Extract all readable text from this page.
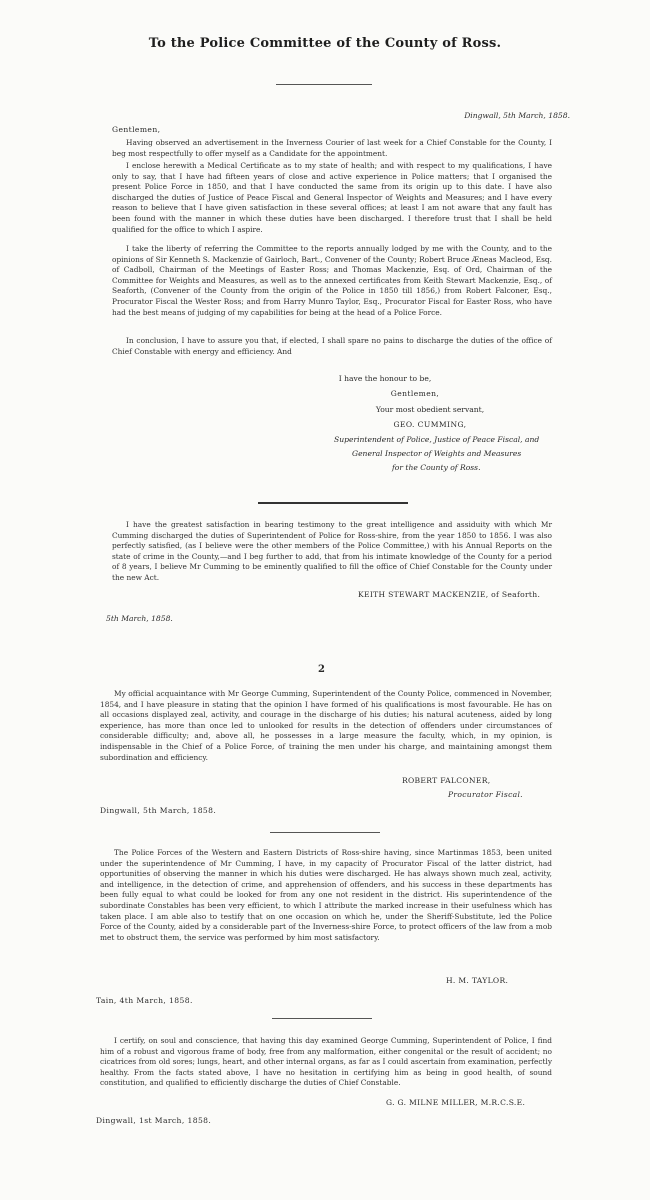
To the Police Committee of the County of Ross.
Dingwall, 5th March, 1858.
Gentlemen,
Having observed an advertisement in the Inverness Courier of last week for a Chief Constable for the County, I beg most respectfully to offer myself as a Candidate for the appointment.
I enclose herewith a Medical Certificate as to my state of health; and with respect to my qualifications, I have only to say, that I have had fifteen years of close and active experience in Police matters; that I organised the present Police Force in 1850, and that I have conducted the same from its origin up to this date. I have also discharged the duties of Justice of Peace Fiscal and General Inspector of Weights and Measures; and I have every reason to believe that I have given satisfaction in these several offices; at least I am not aware that any fault has been found with the manner in which these duties have been discharged. I therefore trust that I shall be held qualified for the office to which I aspire.
I take the liberty of referring the Committee to the reports annually lodged by me with the County, and to the opinions of Sir Kenneth S. Mackenzie of Gairloch, Bart., Convener of the County; Robert Bruce Æneas Macleod, Esq. of Cadboll, Chairman of the Meetings of Easter Ross; and Thomas Mackenzie, Esq. of Ord, Chairman of the Committee for Weights and Measures, as well as to the annexed certificates from Keith Stewart Mackenzie, Esq., of Seaforth, (Convener of the County from the origin of the Police in 1850 till 1856,) from Robert Falconer, Esq., Procurator Fiscal the Wester Ross; and from Harry Munro Taylor, Esq., Procurator Fiscal for Easter Ross, who have had the best means of judging of my capabilities for being at the head of a Police Force.
In conclusion, I have to assure you that, if elected, I shall spare no pains to discharge the duties of the office of Chief Constable with energy and efficiency. And
I have the honour to be,
Gentlemen,
Your most obedient servant,
GEO. CUMMING,
Superintendent of Police, Justice of Peace Fiscal, and
General Inspector of Weights and Measures
for the County of Ross.
I have the greatest satisfaction in bearing testimony to the great intelligence and assiduity with which Mr Cumming discharged the duties of Superintendent of Police for Ross-shire, from the year 1850 to 1856. I was also perfectly satisfied, (as I believe were the other members of the Police Committee,) with his Annual Reports on the state of crime in the County,—and I beg further to add, that from his intimate knowledge of the County for a period of 8 years, I believe Mr Cumming to be eminently qualified to fill the office of Chief Constable for the County under the new Act.
KEITH STEWART MACKENZIE, of Seaforth.
5th March, 1858.
2
My official acquaintance with Mr George Cumming, Superintendent of the County Police, commenced in November, 1854, and I have pleasure in stating that the opinion I have formed of his qualifications is most favourable. He has on all occasions displayed zeal, activity, and courage in the discharge of his duties; his natural acuteness, aided by long experience, has more than once led to unlooked for results in the detection of offenders under circumstances of considerable difficulty; and, above all, he possesses in a large measure the faculty, which, in my opinion, is indispensable in the Chief of a Police Force, of training the men under his charge, and maintaining amongst them subordination and efficiency.
ROBERT FALCONER,
Procurator Fiscal.
Dingwall, 5th March, 1858.
The Police Forces of the Western and Eastern Districts of Ross-shire having, since Martinmas 1853, been united under the superintendence of Mr Cumming, I have, in my capacity of Procurator Fiscal of the latter district, had opportunities of observing the manner in which his duties were discharged. He has always shown much zeal, activity, and intelligence, in the detection of crime, and apprehension of offenders, and his success in these departments has been fully equal to what could be looked for from any one not resident in the district. His superintendence of the subordinate Constables has been very efficient, to which I attribute the marked increase in their usefulness which has taken place. I am able also to testify that on one occasion on which he, under the Sheriff-Substitute, led the Police Force of the County, aided by a considerable part of the Inverness-shire Force, to protect officers of the law from a mob met to obstruct them, the service was performed by him most satisfactory.
H. M. TAYLOR.
Tain, 4th March, 1858.
I certify, on soul and conscience, that having this day examined George Cumming, Superintendent of Police, I find him of a robust and vigorous frame of body, free from any malformation, either congenital or the result of accident; no cicatrices from old sores; lungs, heart, and other internal organs, as far as I could ascertain from examination, perfectly healthy. From the facts stated above, I have no hesitation in certifying him as being in good health, of sound constitution, and qualified to efficiently discharge the duties of Chief Constable.
G. G. MILNE MILLER, M.R.C.S.E.
Dingwall, 1st March, 1858.
